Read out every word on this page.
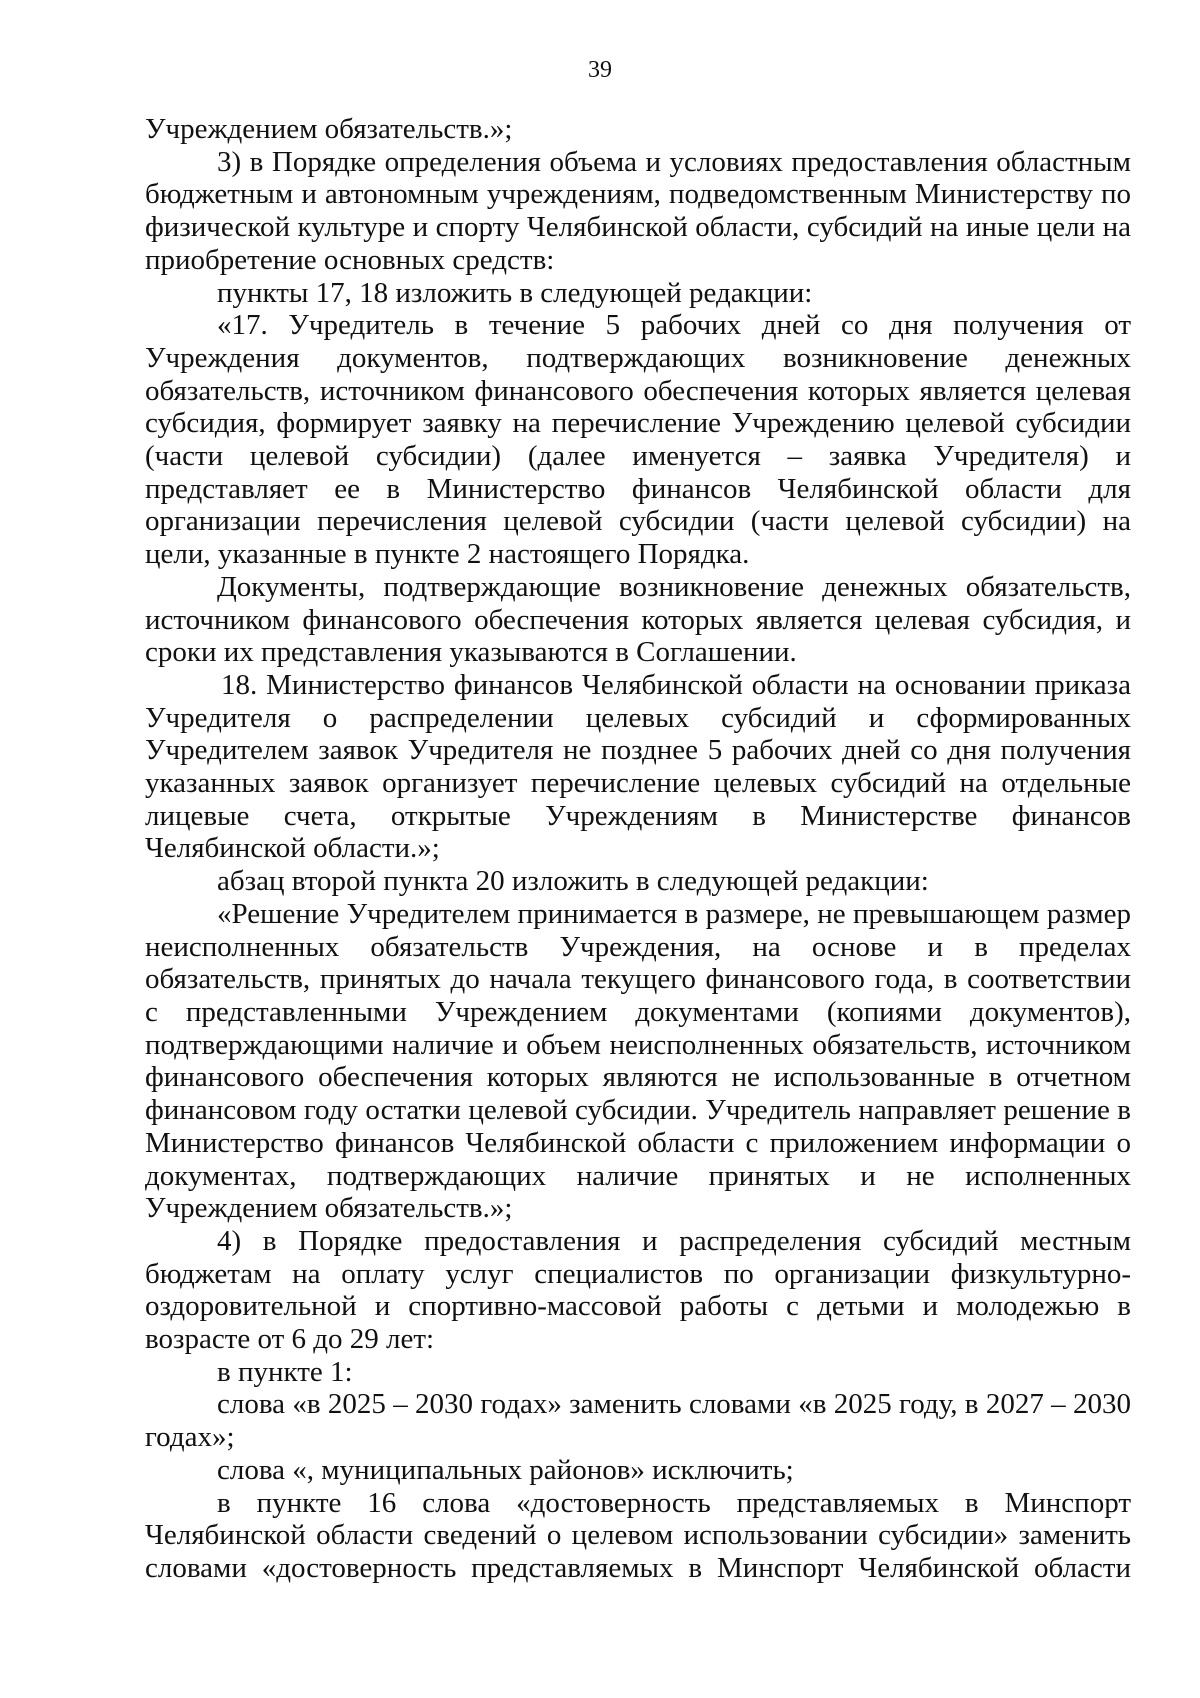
39

Учреждением обязательств.»;

3) в Порядке определения объема и условиях предоставления областным бюджетным и автономным учреждениям, подведомственным Министерству по физической культуре и спорту Челябинской области, субсидий на иные цели на приобретение основных средств:

пункты 17, 18 изложить в следующей редакции:

«17. Учредитель в течение 5 рабочих дней со дня получения от Учреждения документов, подтверждающих возникновение денежных обязательств, источником финансового обеспечения которых является целевая субсидия, формирует заявку на перечисление Учреждению целевой субсидии (части целевой субсидии) (далее именуется – заявка Учредителя) и представляет ее в Министерство финансов Челябинской области для организации перечисления целевой субсидии (части целевой субсидии) на цели, указанные в пункте 2 настоящего Порядка.

Документы, подтверждающие возникновение денежных обязательств, источником финансового обеспечения которых является целевая субсидия, и сроки их представления указываются в Соглашении.

18. Министерство финансов Челябинской области на основании приказа Учредителя о распределении целевых субсидий и сформированных Учредителем заявок Учредителя не позднее 5 рабочих дней со дня получения указанных заявок организует перечисление целевых субсидий на отдельные лицевые счета, открытые Учреждениям в Министерстве финансов Челябинской области.»;

абзац второй пункта 20 изложить в следующей редакции:

«Решение Учредителем принимается в размере, не превышающем размер неисполненных обязательств Учреждения, на основе и в пределах обязательств, принятых до начала текущего финансового года, в соответствии с представленными Учреждением документами (копиями документов), подтверждающими наличие и объем неисполненных обязательств, источником финансового обеспечения которых являются не использованные в отчетном финансовом году остатки целевой субсидии. Учредитель направляет решение в Министерство финансов Челябинской области с приложением информации о документах, подтверждающих наличие принятых и не исполненных Учреждением обязательств.»;

4) в Порядке предоставления и распределения субсидий местным бюджетам на оплату услуг специалистов по организации физкультурно-оздоровительной и спортивно-массовой работы с детьми и молодежью в возрасте от 6 до 29 лет:

в пункте 1:

слова «в 2025 – 2030 годах» заменить словами «в 2025 году, в 2027 – 2030 годах»;

слова «, муниципальных районов» исключить;

в пункте 16 слова «достоверность представляемых в Минспорт Челябинской области сведений о целевом использовании субсидии» заменить словами «достоверность представляемых в Минспорт Челябинской области
